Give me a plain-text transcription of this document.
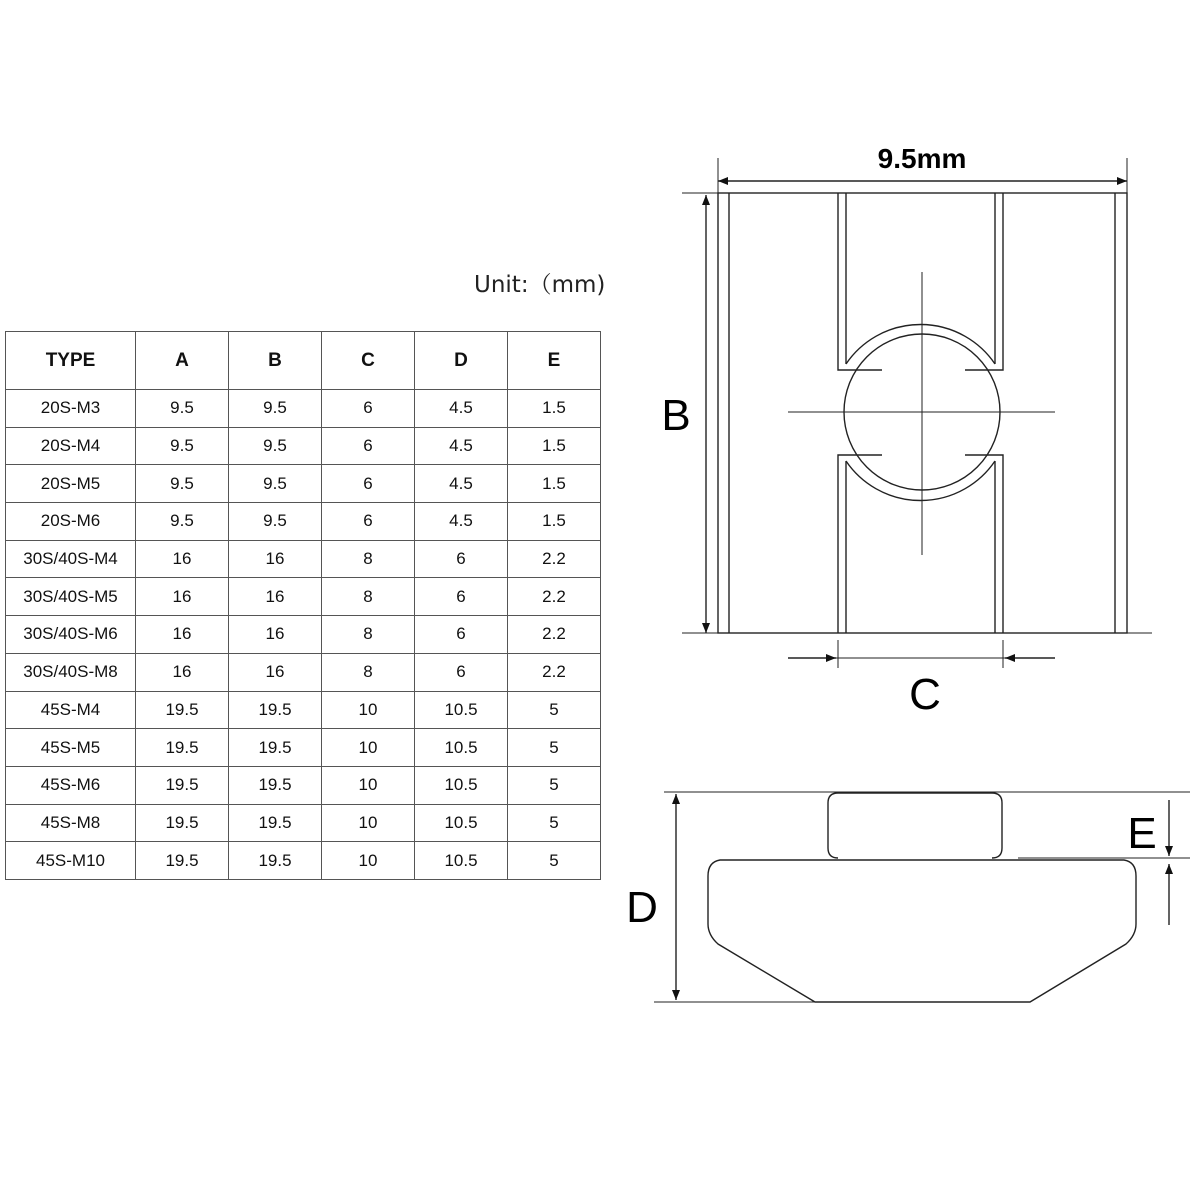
Unit:（mm)
TYPE	A	B	C	D	E
20S-M3	9.5	9.5	6	4.5	1.5
20S-M4	9.5	9.5	6	4.5	1.5
20S-M5	9.5	9.5	6	4.5	1.5
20S-M6	9.5	9.5	6	4.5	1.5
30S/40S-M4	16	16	8	6	2.2
30S/40S-M5	16	16	8	6	2.2
30S/40S-M6	16	16	8	6	2.2
30S/40S-M8	16	16	8	6	2.2
45S-M4	19.5	19.5	10	10.5	5
45S-M5	19.5	19.5	10	10.5	5
45S-M6	19.5	19.5	10	10.5	5
45S-M8	19.5	19.5	10	10.5	5
45S-M10	19.5	19.5	10	10.5	5
9.5mm
B
C
D
E
